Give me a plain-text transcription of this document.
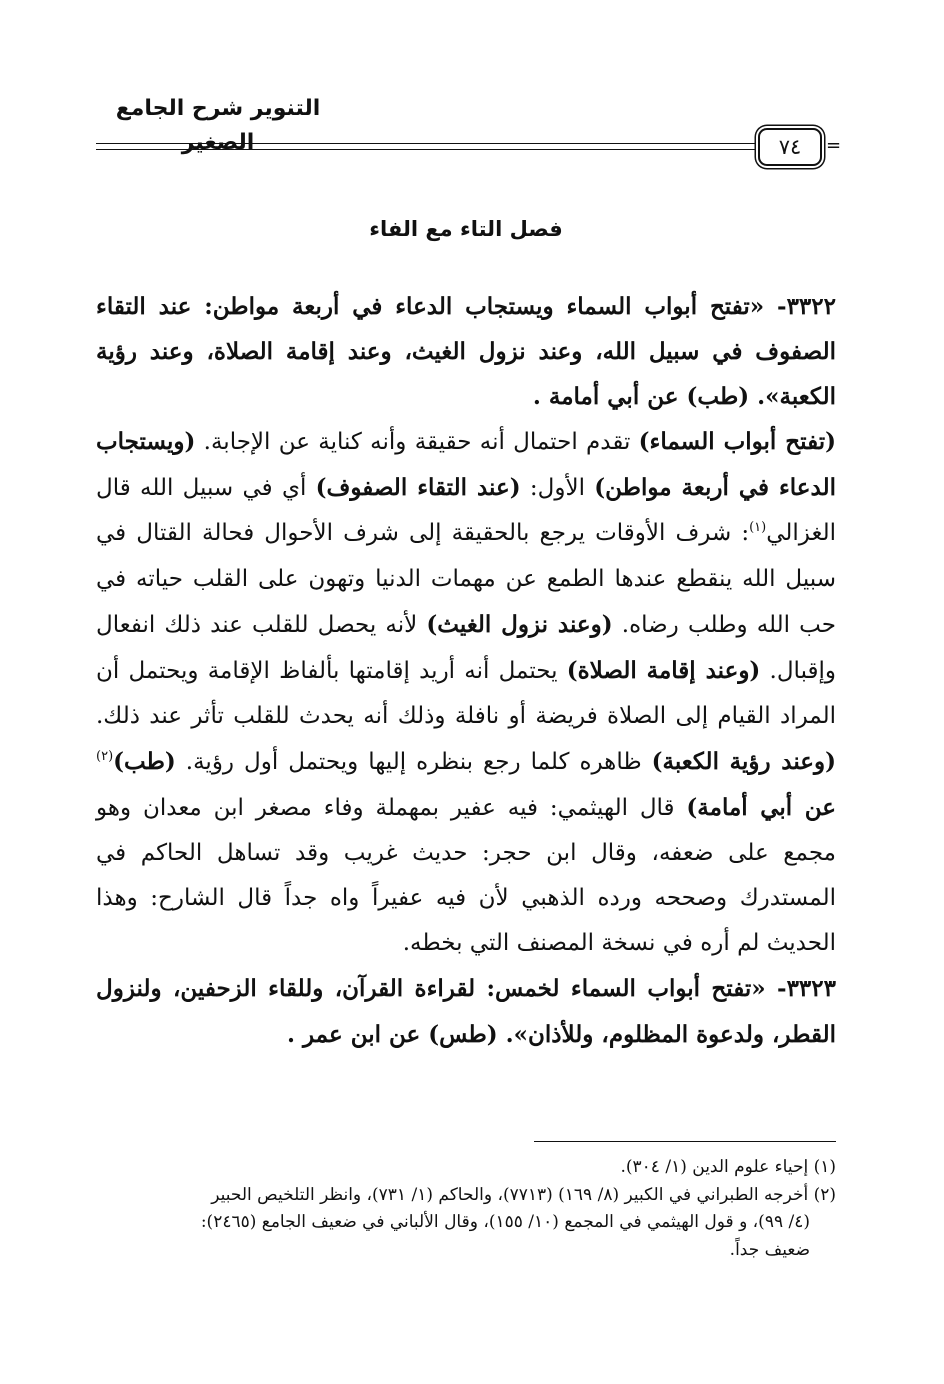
التنوير شرح الجامع الصغير	٧٤ =
فصل التاء مع الفاء

٣٣٢٢- «تفتح أبواب السماء ويستجاب الدعاء في أربعة مواطن: عند التقاء الصفوف في سبيل الله، وعند نزول الغيث، وعند إقامة الصلاة، وعند رؤية الكعبة». (طب) عن أبي أمامة .

(تفتح أبواب السماء) تقدم احتمال أنه حقيقة وأنه كناية عن الإجابة. (ويستجاب الدعاء في أربعة مواطن) الأول: (عند التقاء الصفوف) أي في سبيل الله قال الغزالي$^{(١)}$: شرف الأوقات يرجع بالحقيقة إلى شرف الأحوال فحالة القتال في سبيل الله ينقطع عندها الطمع عن مهمات الدنيا وتهون على القلب حياته في حب الله وطلب رضاه. (وعند نزول الغيث) لأنه يحصل للقلب عند ذلك انفعال وإقبال. (وعند إقامة الصلاة) يحتمل أنه أريد إقامتها بألفاظ الإقامة ويحتمل أن المراد القيام إلى الصلاة فريضة أو نافلة وذلك أنه يحدث للقلب تأثر عند ذلك. (وعند رؤية الكعبة) ظاهره كلما رجع بنظره إليها ويحتمل أول رؤية. (طب)$^{(٢)}$ عن أبي أمامة) قال الهيثمي: فيه عفير بمهملة وفاء مصغر ابن معدان وهو مجمع على ضعفه، وقال ابن حجر: حديث غريب وقد تساهل الحاكم في المستدرك وصححه ورده الذهبي لأن فيه عفيراً واه جداً قال الشارح: وهذا الحديث لم أره في نسخة المصنف التي بخطه.

٣٣٢٣- «تفتح أبواب السماء لخمس: لقراءة القرآن، وللقاء الزحفين، ولنزول القطر، ولدعوة المظلوم، وللأذان». (طس) عن ابن عمر .

(١) إحياء علوم الدين (١/ ٣٠٤).

(٢) أخرجه الطبراني في الكبير (٨/ ١٦٩) (٧٧١٣)، والحاكم (١/ ٧٣١)، وانظر التلخيص الحبير

(٤/ ٩٩)، و قول الهيثمي في المجمع (١٠/ ١٥٥)، وقال الألباني في ضعيف الجامع (٢٤٦٥):

ضعيف جداً.
